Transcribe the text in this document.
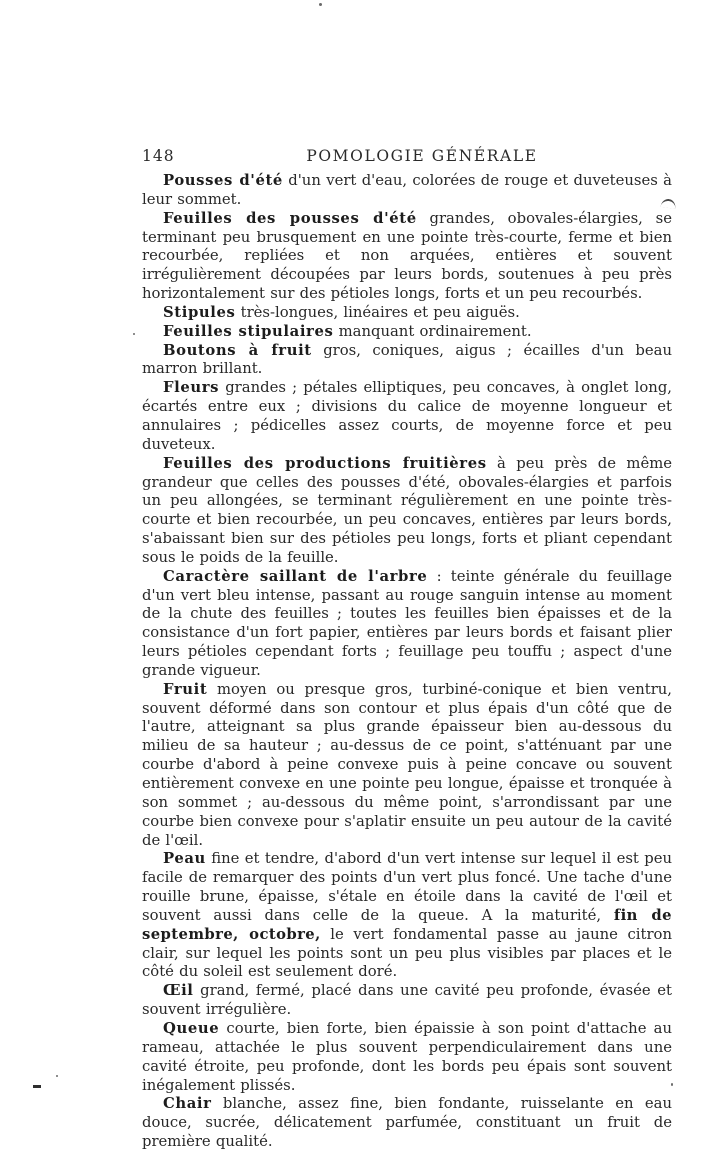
148	POMOLOGIE GÉNÉRALE

Pousses d'été d'un vert d'eau, colorées de rouge et duveteuses à leur sommet.

Feuilles des pousses d'été grandes, obovales-élargies, se terminant peu brusquement en une pointe très-courte, ferme et bien recourbée, repliées et non arquées, entières et souvent irrégulièrement découpées par leurs bords, soutenues à peu près horizontalement sur des pétioles longs, forts et un peu recourbés.

Stipules très-longues, linéaires et peu aiguës.

Feuilles stipulaires manquant ordinairement.

Boutons à fruit gros, coniques, aigus ; écailles d'un beau marron brillant.

Fleurs grandes ; pétales elliptiques, peu concaves, à onglet long, écartés entre eux ; divisions du calice de moyenne longueur et annulaires ; pédicelles assez courts, de moyenne force et peu duveteux.

Feuilles des productions fruitières à peu près de même grandeur que celles des pousses d'été, obovales-élargies et parfois un peu allongées, se terminant régulièrement en une pointe très-courte et bien recourbée, un peu concaves, entières par leurs bords, s'abaissant bien sur des pétioles peu longs, forts et pliant cependant sous le poids de la feuille.

Caractère saillant de l'arbre : teinte générale du feuillage d'un vert bleu intense, passant au rouge sanguin intense au moment de la chute des feuilles ; toutes les feuilles bien épaisses et de la consistance d'un fort papier, entières par leurs bords et faisant plier leurs pétioles cependant forts ; feuillage peu touffu ; aspect d'une grande vigueur.

Fruit moyen ou presque gros, turbiné-conique et bien ventru, souvent déformé dans son contour et plus épais d'un côté que de l'autre, atteignant sa plus grande épaisseur bien au-dessous du milieu de sa hauteur ; au-dessus de ce point, s'atténuant par une courbe d'abord à peine convexe puis à peine concave ou souvent entièrement convexe en une pointe peu longue, épaisse et tronquée à son sommet ; au-dessous du même point, s'arrondissant par une courbe bien convexe pour s'aplatir ensuite un peu autour de la cavité de l'œil.

Peau fine et tendre, d'abord d'un vert intense sur lequel il est peu facile de remarquer des points d'un vert plus foncé. Une tache d'une rouille brune, épaisse, s'étale en étoile dans la cavité de l'œil et souvent aussi dans celle de la queue. A la maturité, fin de septembre, octobre, le vert fondamental passe au jaune citron clair, sur lequel les points sont un peu plus visibles par places et le côté du soleil est seulement doré.

Œil grand, fermé, placé dans une cavité peu profonde, évasée et souvent irrégulière.

Queue courte, bien forte, bien épaissie à son point d'attache au rameau, attachée le plus souvent perpendiculairement dans une cavité étroite, peu profonde, dont les bords peu épais sont souvent inégalement plissés.

Chair blanche, assez fine, bien fondante, ruisselante en eau douce, sucrée, délicatement parfumée, constituant un fruit de première qualité.
